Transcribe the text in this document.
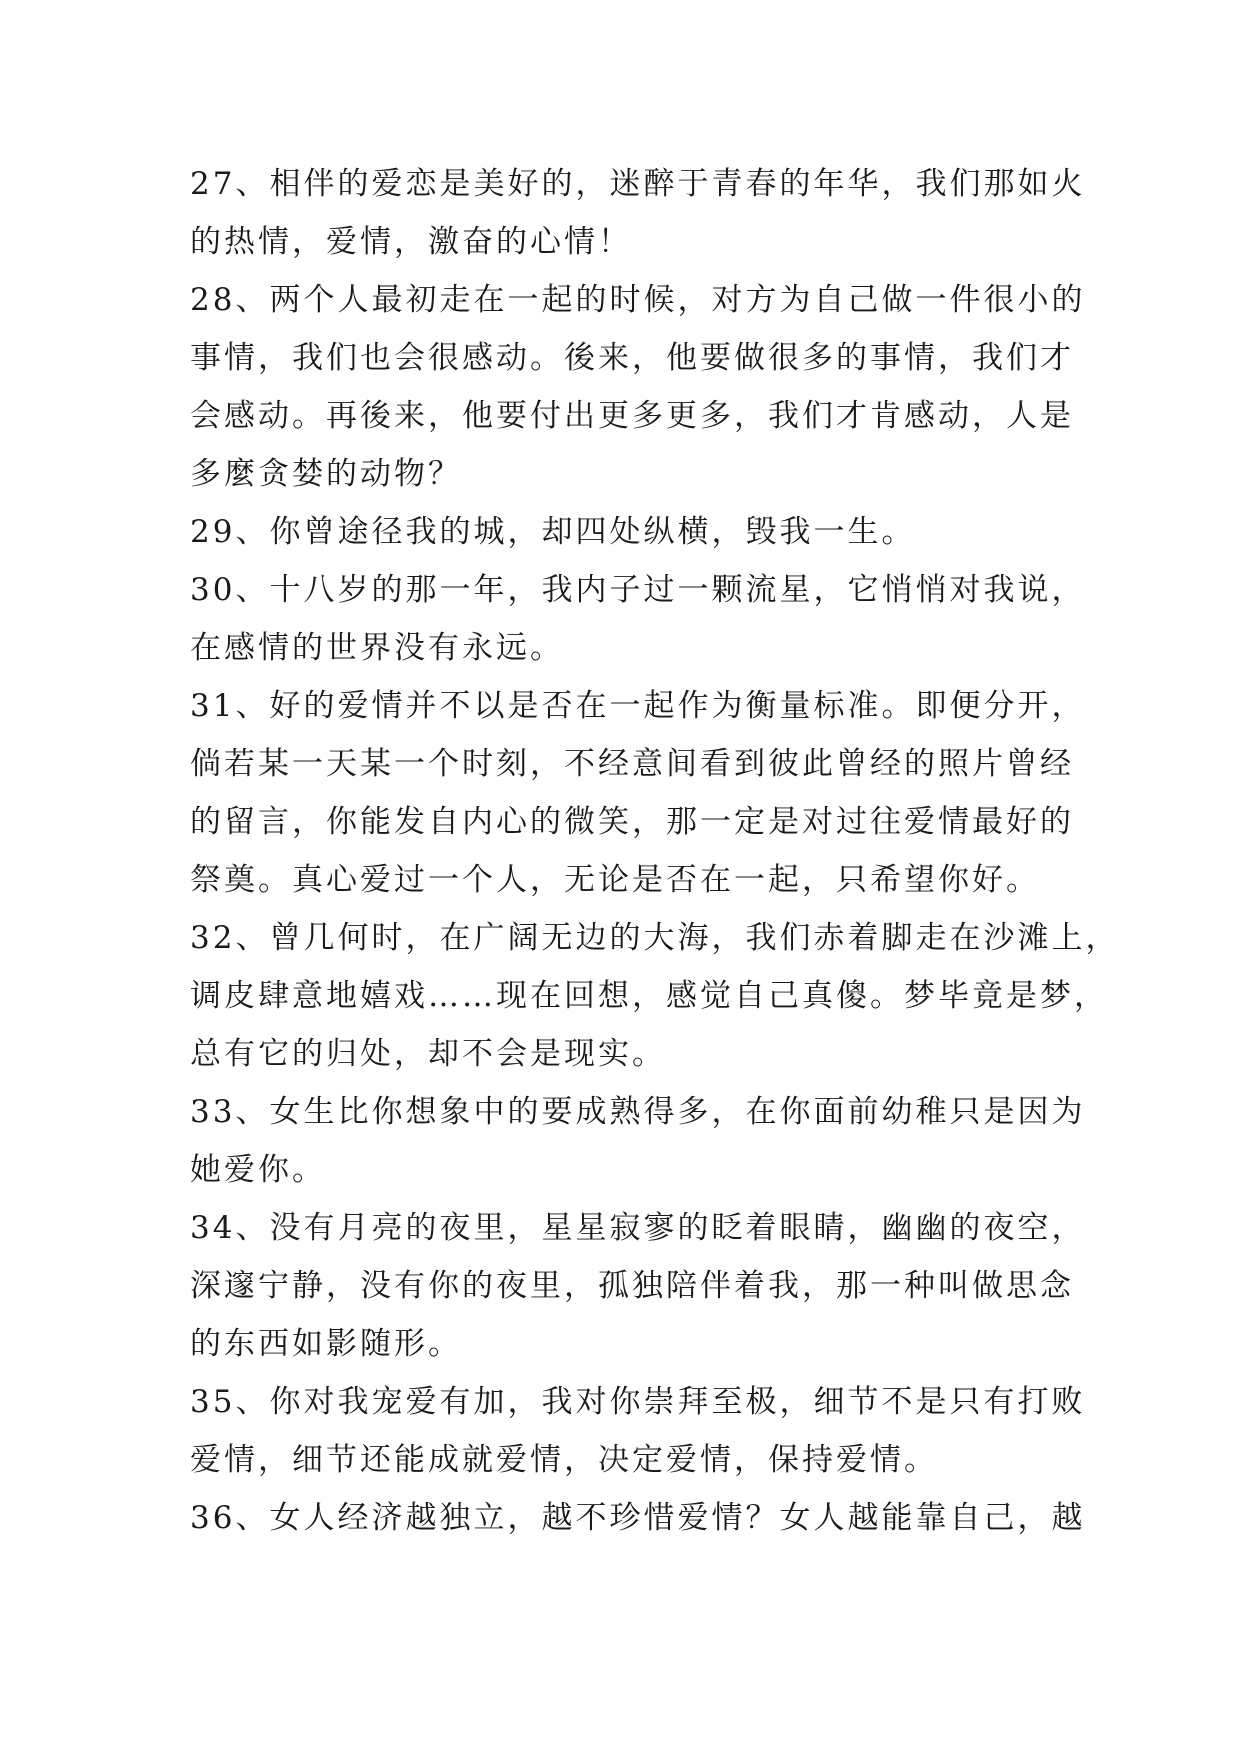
27、相伴的爱恋是美好的，迷醉于青春的年华，我们那如火
的热情，爱情，激奋的心情！
28、两个人最初走在一起的时候，对方为自己做一件很小的
事情，我们也会很感动。後来，他要做很多的事情，我们才
会感动。再後来，他要付出更多更多，我们才肯感动，人是
多麼贪婪的动物？
29、你曾途径我的城，却四处纵横，毁我一生。
30、十八岁的那一年，我内子过一颗流星，它悄悄对我说，
在感情的世界没有永远。
31、好的爱情并不以是否在一起作为衡量标准。即便分开，
倘若某一天某一个时刻，不经意间看到彼此曾经的照片曾经
的留言，你能发自内心的微笑，那一定是对过往爱情最好的
祭奠。真心爱过一个人，无论是否在一起，只希望你好。
32、曾几何时，在广阔无边的大海，我们赤着脚走在沙滩上，
调皮肆意地嬉戏……现在回想，感觉自己真傻。梦毕竟是梦，
总有它的归处，却不会是现实。
33、女生比你想象中的要成熟得多，在你面前幼稚只是因为
她爱你。
34、没有月亮的夜里，星星寂寥的眨着眼睛，幽幽的夜空，
深邃宁静，没有你的夜里，孤独陪伴着我，那一种叫做思念
的东西如影随形。
35、你对我宠爱有加，我对你崇拜至极，细节不是只有打败
爱情，细节还能成就爱情，决定爱情，保持爱情。
36、女人经济越独立，越不珍惜爱情？女人越能靠自己，越
